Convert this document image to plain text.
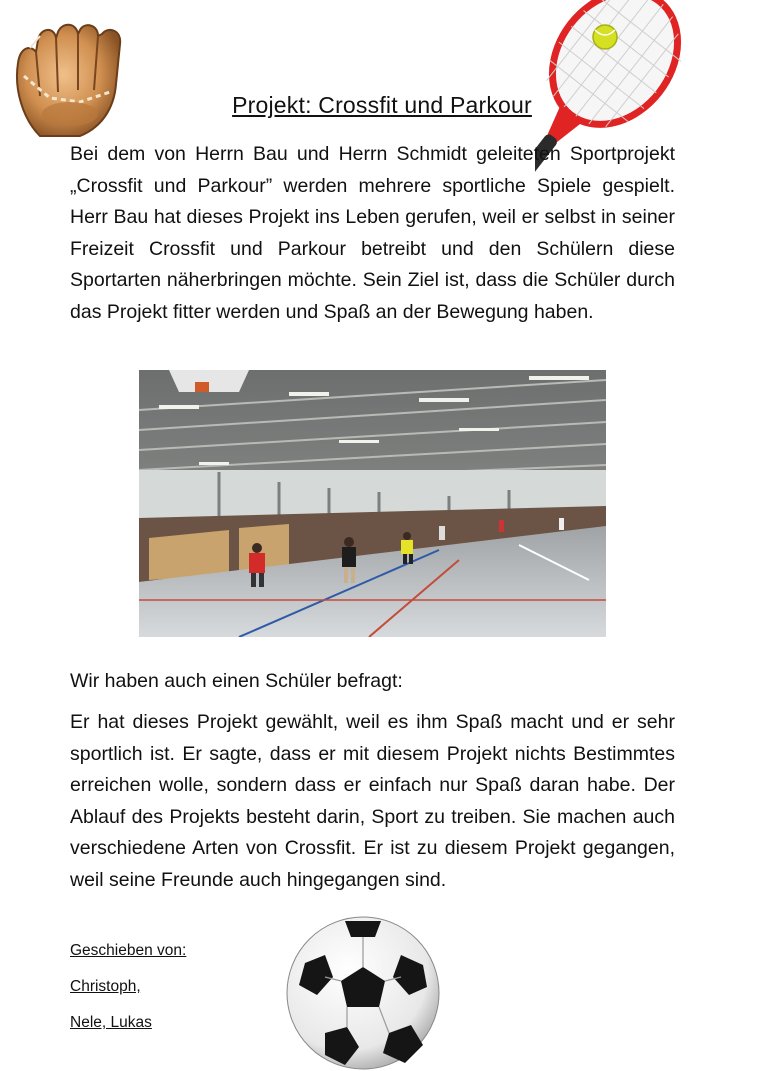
Projekt: Crossfit und Parkour
Bei dem von Herrn Bau und Herrn Schmidt geleiteten Sportprojekt „Crossfit und Parkour” werden mehrere sportliche Spiele gespielt. Herr Bau hat dieses Projekt ins Leben gerufen, weil er selbst in seiner Freizeit Crossfit und Parkour betreibt und den Schülern diese Sportarten näherbringen möchte. Sein Ziel ist, dass die Schüler durch das Projekt fitter werden und Spaß an der Bewegung haben.
Wir haben auch einen Schüler befragt:
Er hat dieses Projekt gewählt, weil es ihm Spaß macht und er sehr sportlich ist. Er sagte, dass er mit diesem Projekt nichts Bestimmtes erreichen wolle, sondern dass er einfach nur Spaß daran habe. Der Ablauf des Projekts besteht darin, Sport zu treiben. Sie machen auch verschiedene Arten von Crossfit. Er ist zu diesem Projekt gegangen, weil seine Freunde auch hingegangen sind.
Geschieben von:
Christoph,
Nele, Lukas
